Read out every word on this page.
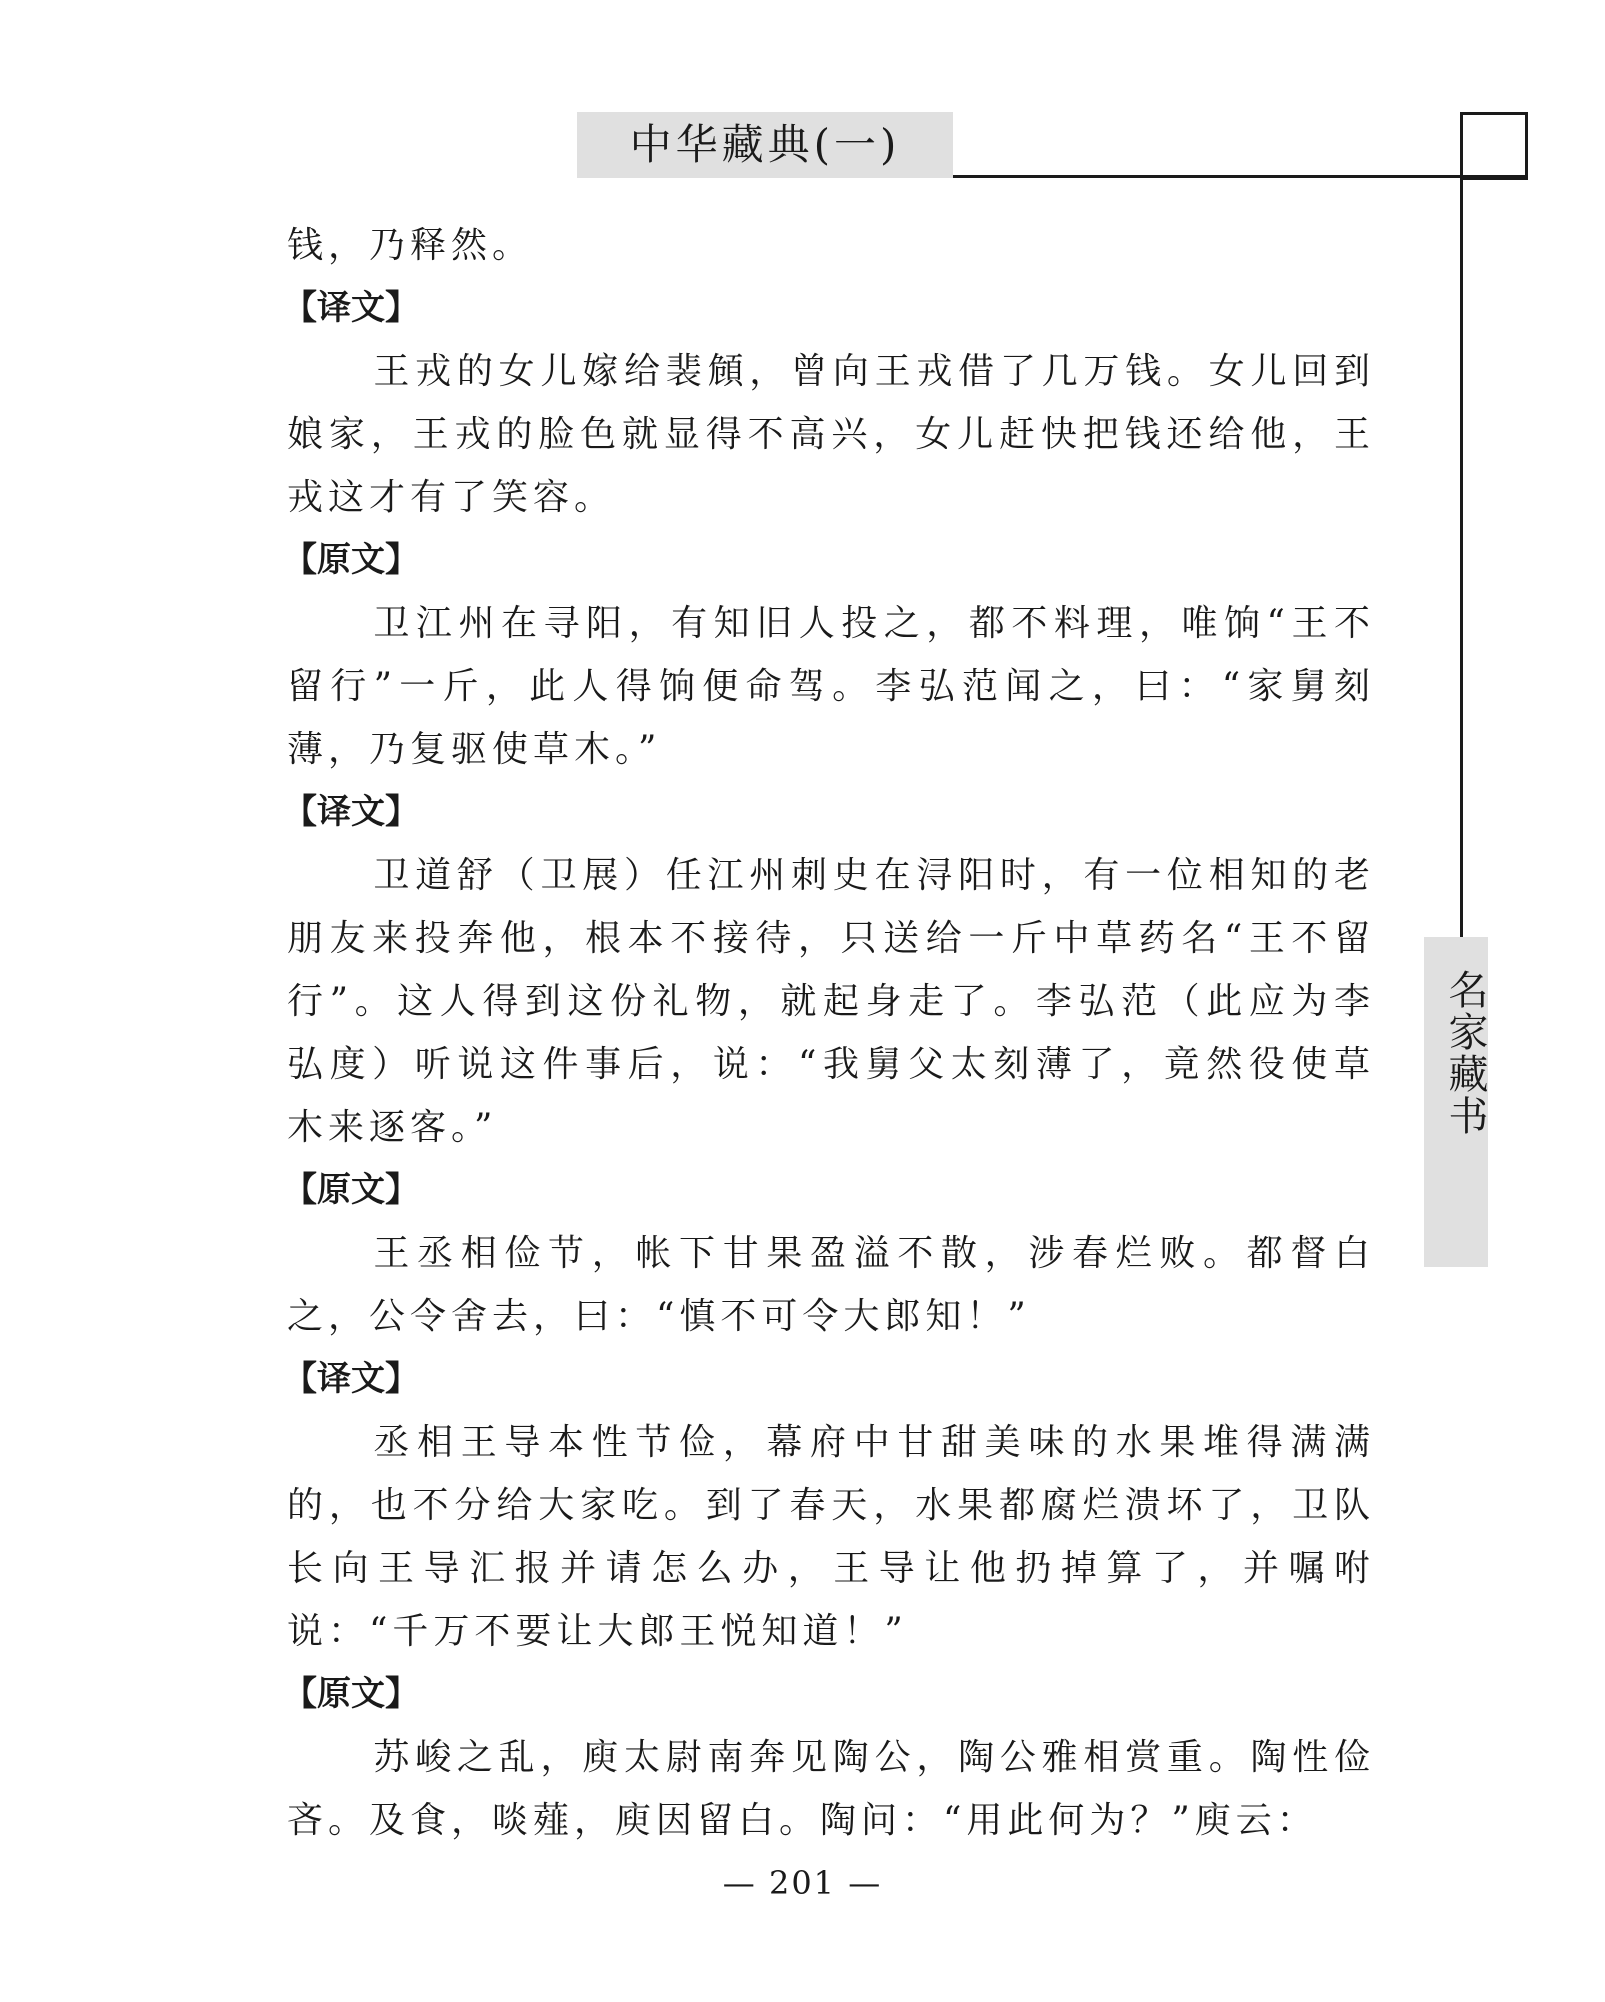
中华藏典(一)
名家藏书

钱，乃释然。

【译文】

王戎的女儿嫁给裴頠，曾向王戎借了几万钱。女儿回到娘家，王戎的脸色就显得不高兴，女儿赶快把钱还给他，王戎这才有了笑容。

【原文】

卫江州在寻阳，有知旧人投之，都不料理，唯饷“王不留行”一斤，此人得饷便命驾。李弘范闻之，曰：“家舅刻薄，乃复驱使草木。”

【译文】

卫道舒（卫展）任江州刺史在浔阳时，有一位相知的老朋友来投奔他，根本不接待，只送给一斤中草药名“王不留行”。这人得到这份礼物，就起身走了。李弘范（此应为李弘度）听说这件事后，说：“我舅父太刻薄了，竟然役使草木来逐客。”

【原文】

王丞相俭节，帐下甘果盈溢不散，涉春烂败。都督白之，公令舍去，曰：“慎不可令大郎知！”

【译文】

丞相王导本性节俭，幕府中甘甜美味的水果堆得满满的，也不分给大家吃。到了春天，水果都腐烂溃坏了，卫队长向王导汇报并请怎么办，王导让他扔掉算了，并嘱咐说：“千万不要让大郎王悦知道！”

【原文】

苏峻之乱，庾太尉南奔见陶公，陶公雅相赏重。陶性俭吝。及食，啖薤，庾因留白。陶问：“用此何为？”庾云：

— 201 —
